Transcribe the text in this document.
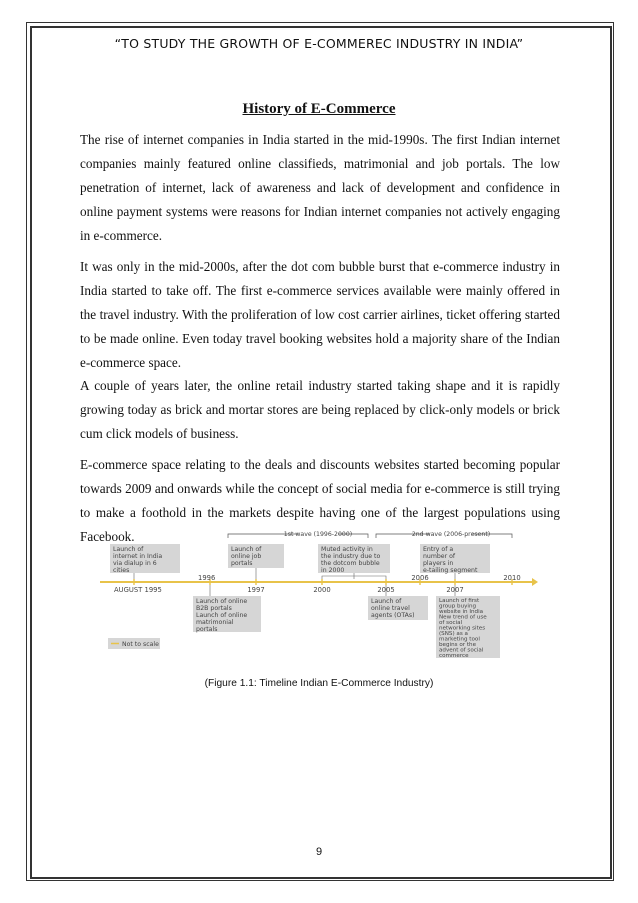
“TO STUDY THE GROWTH OF E-COMMEREC INDUSTRY IN INDIA”
History of E-Commerce

The rise of internet companies in India started in the mid-1990s. The first Indian internet companies mainly featured online classifieds, matrimonial and job portals. The low penetration of internet, lack of awareness and lack of development and confidence in online payment systems were reasons for Indian internet companies not actively engaging in e-commerce.

It was only in the mid-2000s, after the dot com bubble burst that e-commerce industry in India started to take off. The first e-commerce services available were mainly offered in the travel industry. With the proliferation of low cost carrier airlines, ticket offering started to be made online. Even today travel booking websites hold a majority share of the Indian e-commerce space.

A couple of years later, the online retail industry started taking shape and it is rapidly growing today as brick and mortar stores are being replaced by click-only models or brick cum click models of business.

E-commerce space relating to the deals and discounts websites started becoming popular towards 2009 and onwards while the concept of social media for e-commerce is still trying to make a foothold in the markets despite having one of the largest populations using Facebook.	1st wave (1996-2000)	2nd wave (2006-present)
Launch of internet in India via dialup in 6 cities
Launch of online job portals
Muted activity in the industry due to the dotcom bubble in 2000
Entry of a number of players in e-tailing segment
AUGUST 1995
1996
1997	2000	2005
2006
2007
2010
Launch of online B2B portals Launch of online matrimonial portals
Launch of online travel agents (OTAs)
Launch of first group buying website in India New trend of use of social networking sites (SNS) as a marketing tool begins or the advent of social commerce
Not to scale
(Figure 1.1: Timeline Indian E-Commerce Industry)
9
